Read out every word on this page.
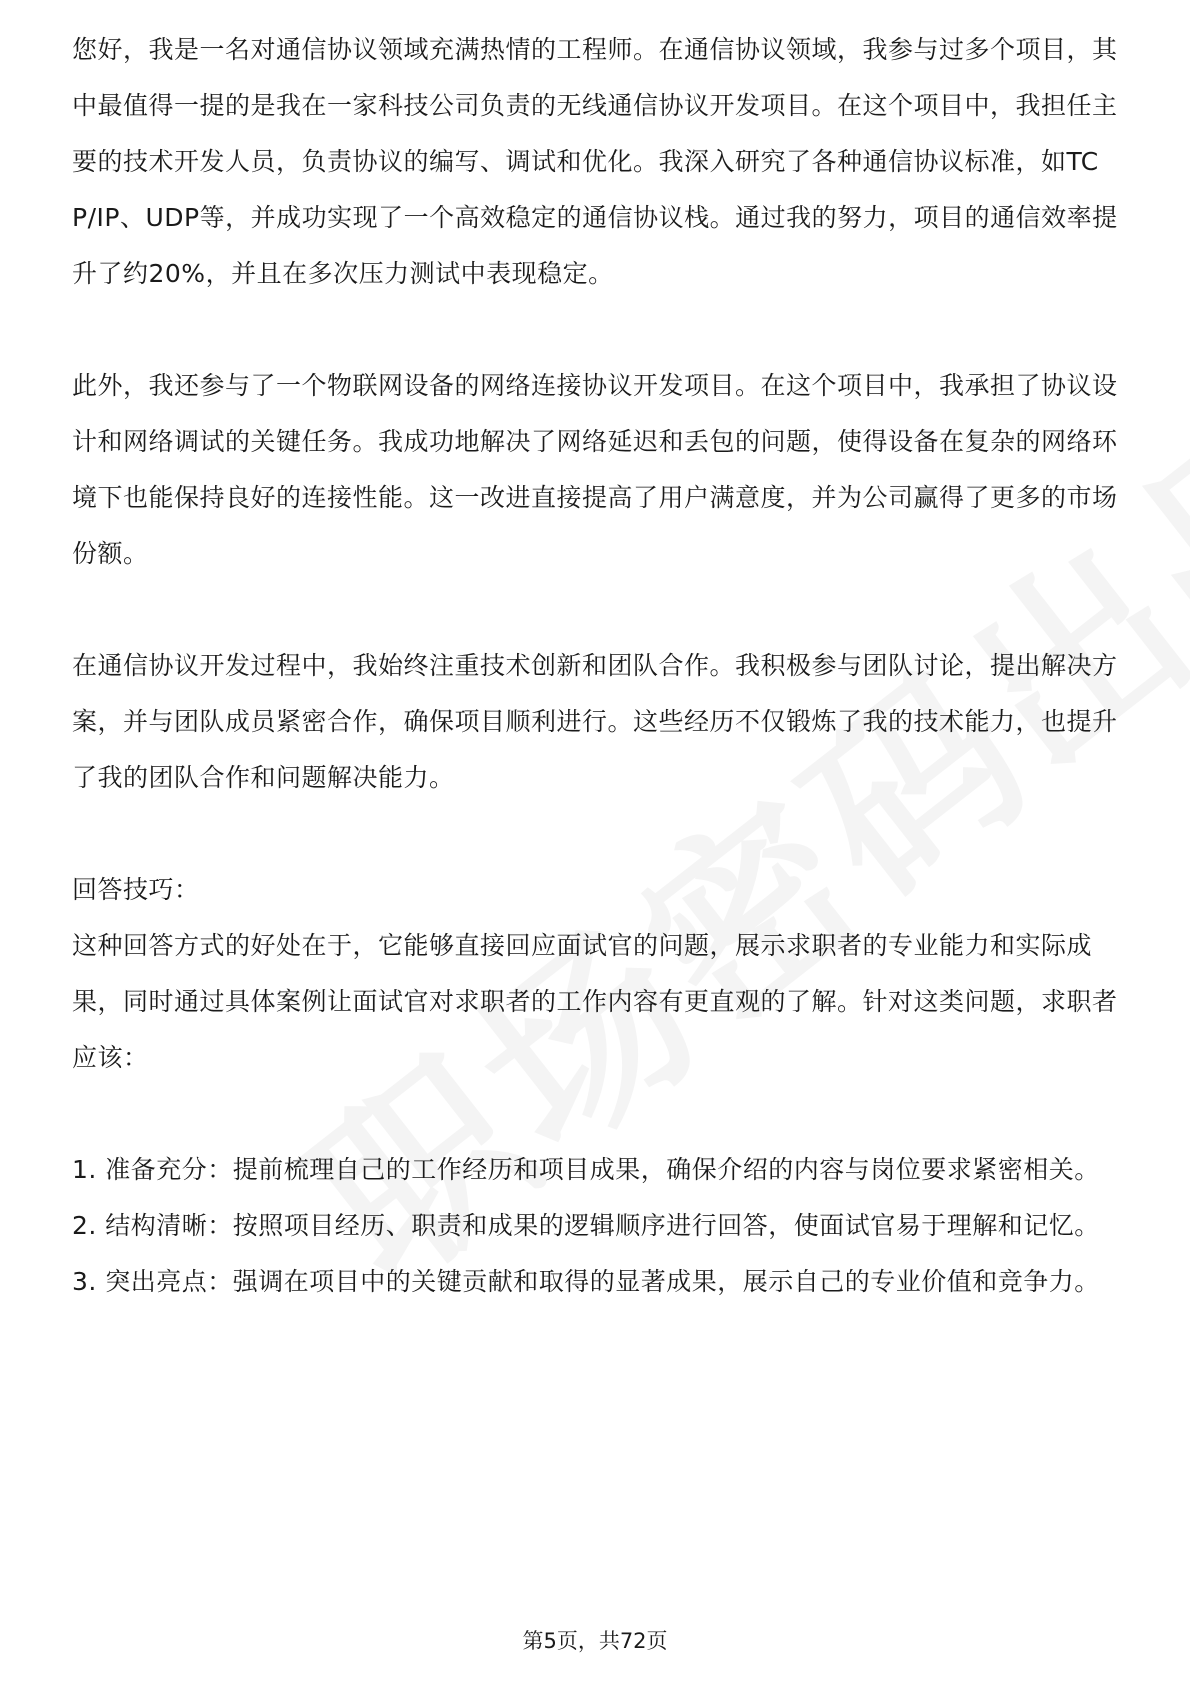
您好，我是一名对通信协议领域充满热情的工程师。在通信协议领域，我参与过多个项目，其中最值得一提的是我在一家科技公司负责的无线通信协议开发项目。在这个项目中，我担任主要的技术开发人员，负责协议的编写、调试和优化。我深入研究了各种通信协议标准，如TCP/IP、UDP等，并成功实现了一个高效稳定的通信协议栈。通过我的努力，项目的通信效率提升了约20%，并且在多次压力测试中表现稳定。

此外，我还参与了一个物联网设备的网络连接协议开发项目。在这个项目中，我承担了协议设计和网络调试的关键任务。我成功地解决了网络延迟和丢包的问题，使得设备在复杂的网络环境下也能保持良好的连接性能。这一改进直接提高了用户满意度，并为公司赢得了更多的市场份额。

在通信协议开发过程中，我始终注重技术创新和团队合作。我积极参与团队讨论，提出解决方案，并与团队成员紧密合作，确保项目顺利进行。这些经历不仅锻炼了我的技术能力，也提升了我的团队合作和问题解决能力。

回答技巧：

这种回答方式的好处在于，它能够直接回应面试官的问题，展示求职者的专业能力和实际成果，同时通过具体案例让面试官对求职者的工作内容有更直观的了解。针对这类问题，求职者应该：

1. 准备充分：提前梳理自己的工作经历和项目成果，确保介绍的内容与岗位要求紧密相关。

2. 结构清晰：按照项目经历、职责和成果的逻辑顺序进行回答，使面试官易于理解和记忆。

3. 突出亮点：强调在项目中的关键贡献和取得的显著成果，展示自己的专业价值和竞争力。

第5页，共72页
